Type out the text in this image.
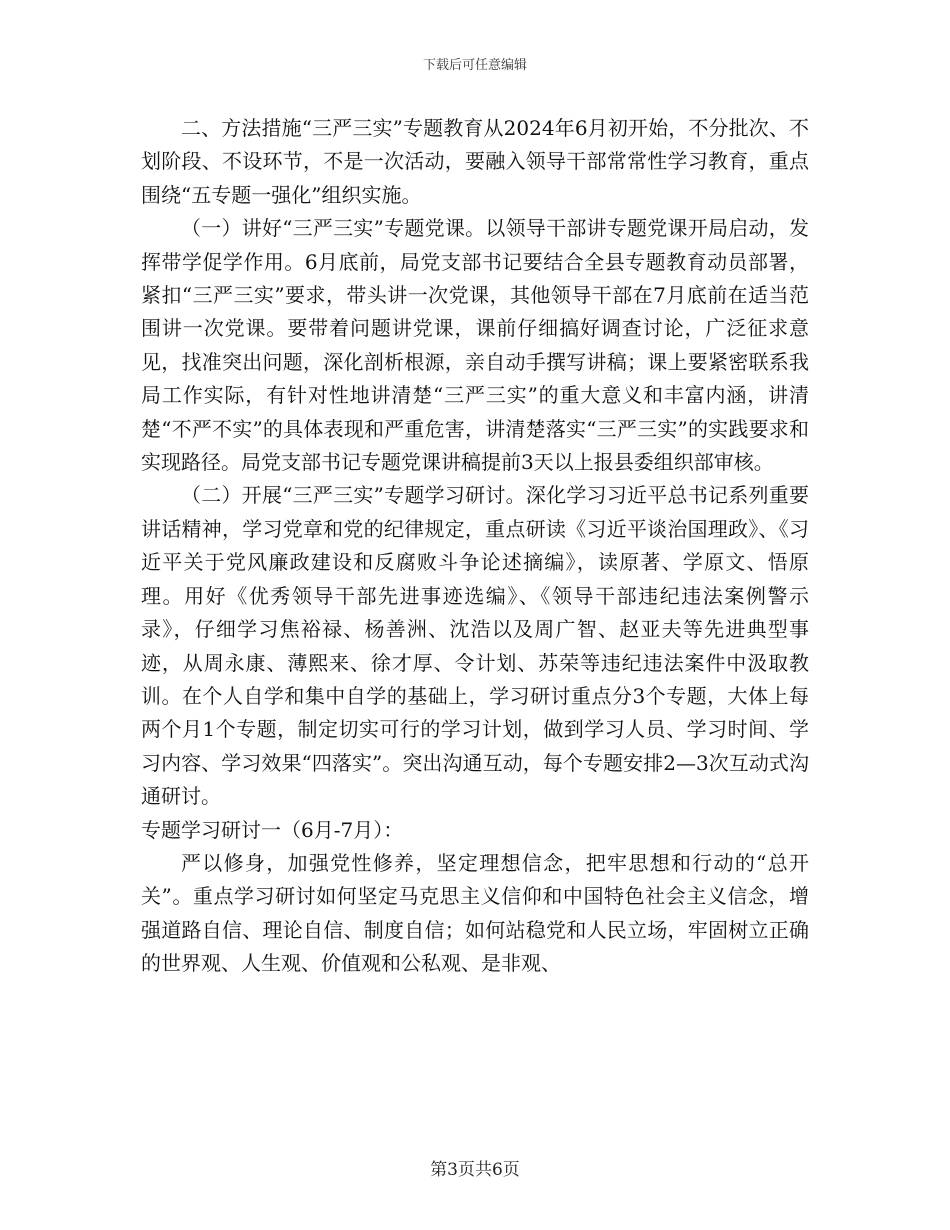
下载后可任意编辑

二、方法措施“三严三实”专题教育从2024年6月初开始，不分批次、不划阶段、不设环节，不是一次活动，要融入领导干部常常性学习教育，重点围绕“五专题一强化”组织实施。

（一）讲好“三严三实”专题党课。以领导干部讲专题党课开局启动，发挥带学促学作用。6月底前，局党支部书记要结合全县专题教育动员部署，紧扣“三严三实”要求，带头讲一次党课，其他领导干部在7月底前在适当范围讲一次党课。要带着问题讲党课，课前仔细搞好调查讨论，广泛征求意见，找准突出问题，深化剖析根源，亲自动手撰写讲稿；课上要紧密联系我局工作实际，有针对性地讲清楚“三严三实”的重大意义和丰富内涵，讲清楚“不严不实”的具体表现和严重危害，讲清楚落实“三严三实”的实践要求和实现路径。局党支部书记专题党课讲稿提前3天以上报县委组织部审核。

（二）开展“三严三实”专题学习研讨。深化学习习近平总书记系列重要讲话精神，学习党章和党的纪律规定，重点研读《习近平谈治国理政》、《习近平关于党风廉政建设和反腐败斗争论述摘编》，读原著、学原文、悟原理。用好《优秀领导干部先进事迹选编》、《领导干部违纪违法案例警示录》，仔细学习焦裕禄、杨善洲、沈浩以及周广智、赵亚夫等先进典型事迹，从周永康、薄熙来、徐才厚、令计划、苏荣等违纪违法案件中汲取教训。在个人自学和集中自学的基础上，学习研讨重点分3个专题，大体上每两个月1个专题，制定切实可行的学习计划，做到学习人员、学习时间、学习内容、学习效果“四落实”。突出沟通互动，每个专题安排2—3次互动式沟通研讨。

专题学习研讨一（6月-7月）：

严以修身，加强党性修养，坚定理想信念，把牢思想和行动的“总开关”。重点学习研讨如何坚定马克思主义信仰和中国特色社会主义信念，增强道路自信、理论自信、制度自信；如何站稳党和人民立场，牢固树立正确的世界观、人生观、价值观和公私观、是非观、

第3页共6页
